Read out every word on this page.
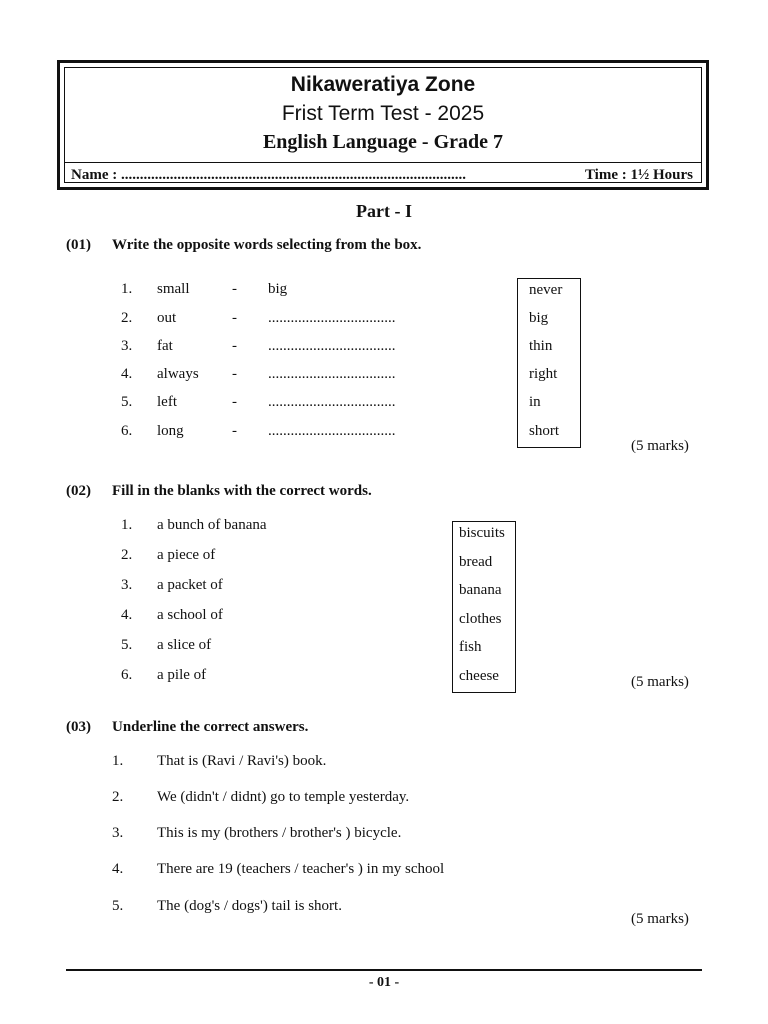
Nikaweratiya Zone
Frist Term Test - 2025
English Language - Grade 7
Name : ............................................................................................	Time : 1½ Hours
Part - I
(01) Write the opposite words selecting from the box.
1. small	- big
2. out	- ..................................
3. fat	- ..................................
4. always - ..................................
5. left	- ..................................
6. long	- ..................................
never
big
thin
right
in
short
(5 marks)
(02) Fill in the blanks with the correct words.
1. a bunch of banana
2. a piece of
3. a packet of
4. a school of
5. a slice of
6. a pile of
biscuits
bread
banana
clothes
fish
cheese	(5 marks)
(03) Underline the correct answers.
1. That is (Ravi / Ravi's) book.
2. We (didn't / didnt) go to temple yesterday.
3. This is my (brothers / brother's ) bicycle.
4. There are 19 (teachers / teacher's ) in my school
5. The (dog's / dogs') tail is short.
(5 marks)
- 01 -
